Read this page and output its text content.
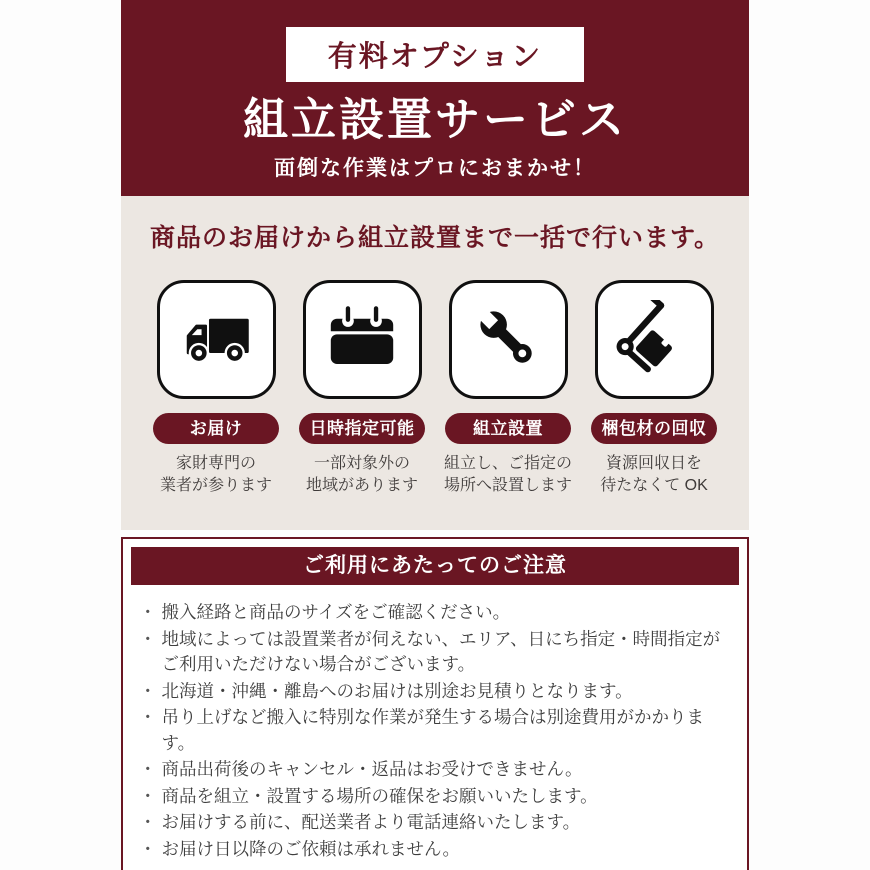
有料オプション
組立設置サービス
面倒な作業はプロにおまかせ！
商品のお届けから組立設置まで一括で行います。
お届け
家財専門の
業者が参ります
日時指定可能
一部対象外の
地域があります
組立設置
組立し、ご指定の
場所へ設置します
梱包材の回収
資源回収日を
待たなくて OK
ご利用にあたってのご注意
・ 搬入経路と商品のサイズをご確認ください。
・ 地域によっては設置業者が伺えない、エリア、日にち指定・時間指定がご利用いただけない場合がございます。
・ 北海道・沖縄・離島へのお届けは別途お見積りとなります。
・ 吊り上げなど搬入に特別な作業が発生する場合は別途費用がかかります。
・ 商品出荷後のキャンセル・返品はお受けできません。
・ 商品を組立・設置する場所の確保をお願いいたします。
・ お届けする前に、配送業者より電話連絡いたします。
・ お届け日以降のご依頼は承れません。
